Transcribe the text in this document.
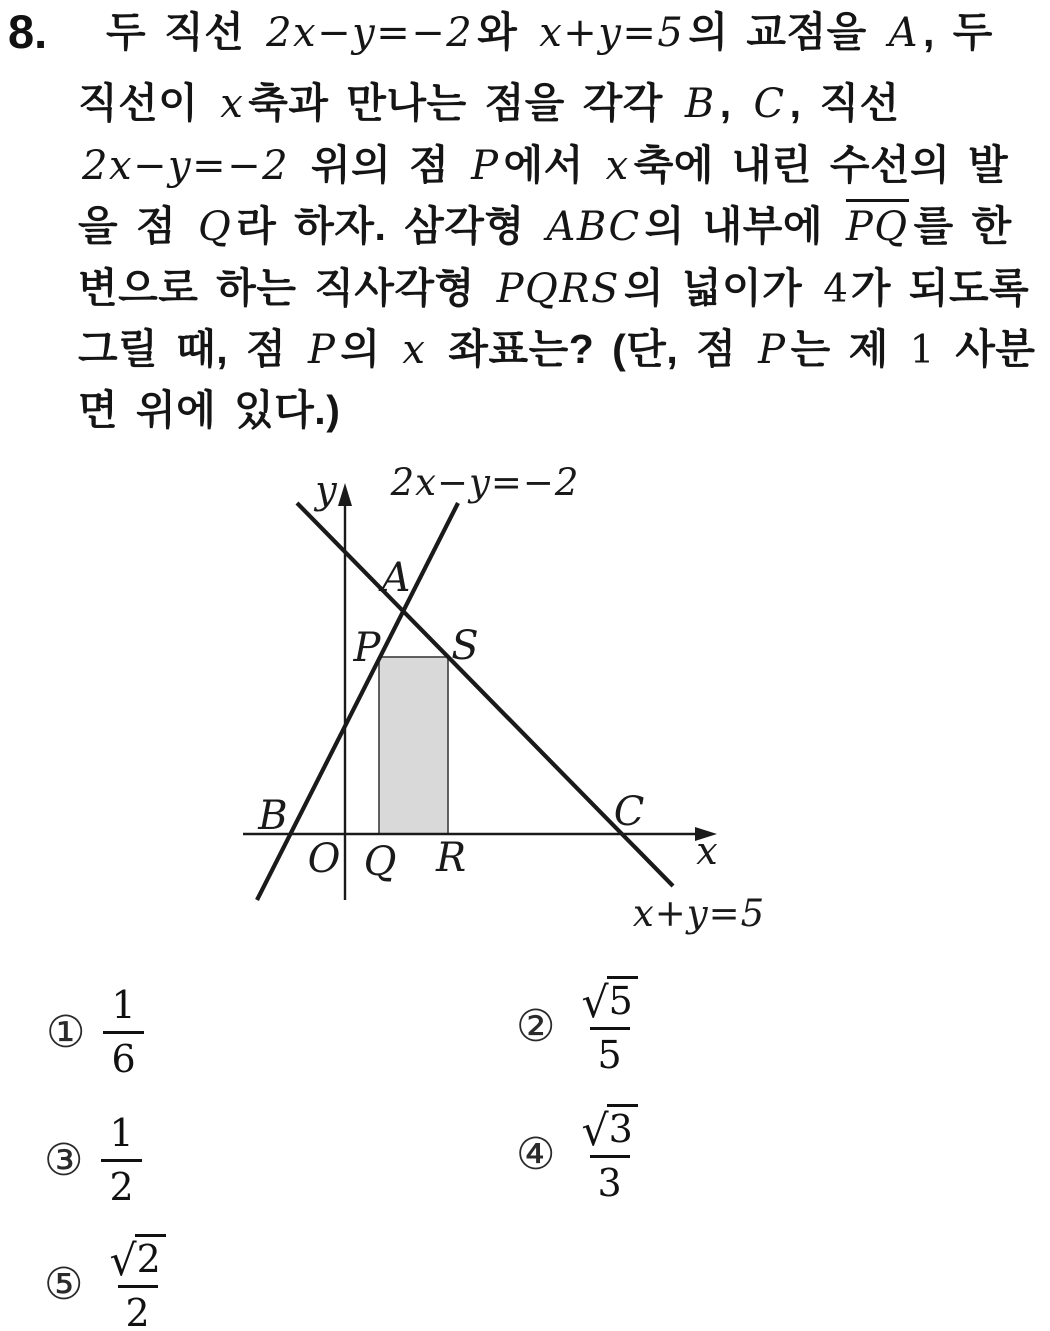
8.	두 직선 2x−y=−2와 x+y=5의 교점을 A, 두
직선이 x축과 만나는 점을 각각 B, C, 직선
2x−y=−2 위의 점 P에서 x축에 내린 수선의 발
을 점 Q라 하자. 삼각형 ABC의 내부에 PQ 를 한
변으로 하는 직사각형 PQRS의 넓이가 4가 되도록
그릴 때, 점 P의 x 좌표는? (단, 점 P는 제 1 사분
면 위에 있다.)
y 2x−y=−2
A
P S
B	C
O Q R	x
x+y=5
① $\frac{1}{6}$	② $\frac{√ 5}{5}$
③ $\frac{1}{2}$	④ $\frac{√ 3}{3}$
⑤ $\frac{√ 2}{2}$
